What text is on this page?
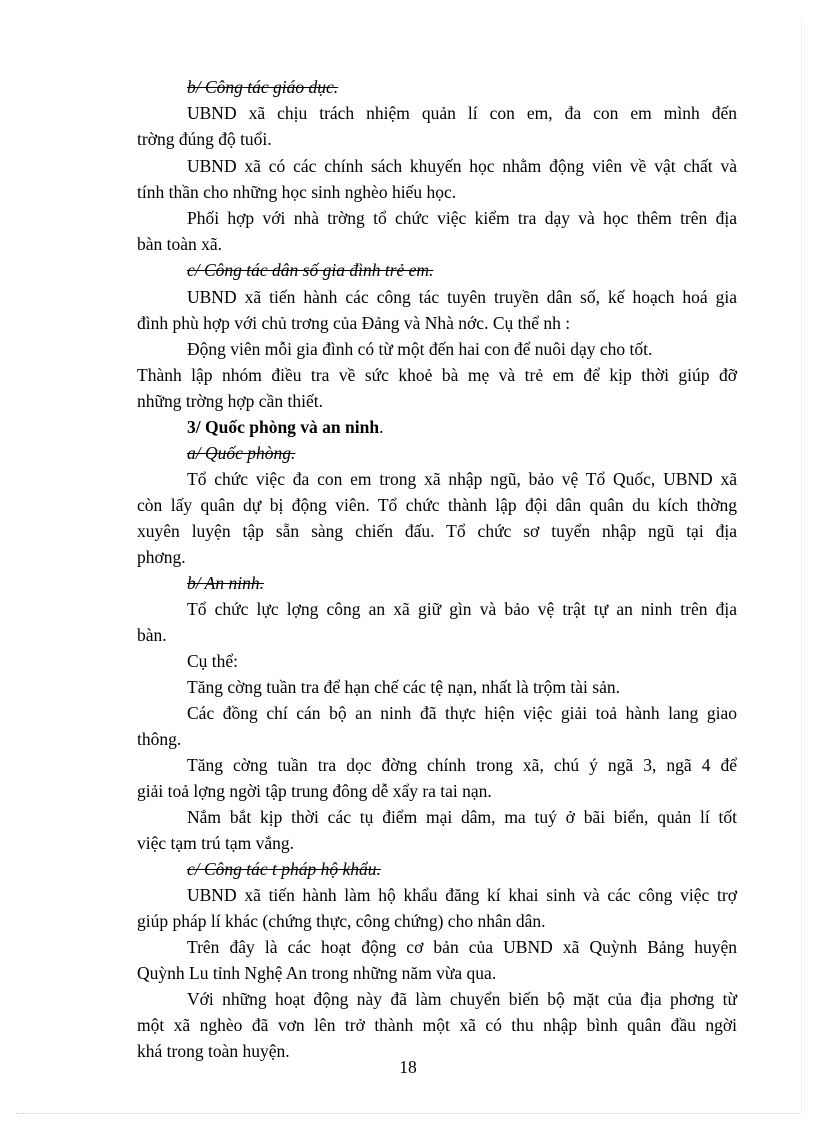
b/ Công tác giáo dục.
UBND xã chịu trách nhiệm quản lí con em, đa con em mình đến
trờng đúng độ tuổi.
UBND xã có các chính sách khuyến học nhằm động viên về vật chất và
tính thần cho những học sinh nghèo hiếu học.
Phối hợp với nhà trờng tổ chức việc kiểm tra dạy và học thêm trên địa
bàn toàn xã.
c/ Công tác dân số gia đình trẻ em.
UBND xã tiến hành các công tác tuyên truyền dân số, kế hoạch hoá gia
đình phù hợp với chủ trơng của Đảng và Nhà nớc. Cụ thể nh :
Động viên mỗi gia đình có từ một đến hai con để nuôi dạy cho tốt.
Thành lập nhóm điều tra về sức khoẻ bà mẹ và trẻ em để kịp thời giúp đỡ
những trờng hợp cần thiết.
3/ Quốc phòng và an ninh.
a/ Quốc phòng.
Tổ chức việc đa con em trong xã nhập ngũ, bảo vệ Tổ Quốc, UBND xã
còn lấy quân dự bị động viên. Tổ chức thành lập đội dân quân du kích thờng
xuyên luyện tập sẵn sàng chiến đấu. Tổ chức sơ tuyển nhập ngũ tại địa
phơng.
b/ An ninh.
Tổ chức lực lợng công an xã giữ gìn và bảo vệ trật tự an ninh trên địa
bàn.
Cụ thể:
Tăng cờng tuần tra để hạn chế các tệ nạn, nhất là trộm tài sản.
Các đồng chí cán bộ an ninh đã thực hiện việc giải toả hành lang giao
thông.
Tăng cờng tuần tra dọc đờng chính trong xã, chú ý ngã 3, ngã 4 để
giải toả lợng ngời tập trung đông dễ xẩy ra tai nạn.
Nắm bắt kịp thời các tụ điểm mại dâm, ma tuý ở bãi biển, quản lí tốt
việc tạm trú tạm vắng.
c/ Công tác t pháp hộ khẩu.
UBND xã tiến hành làm hộ khẩu đăng kí khai sinh và các công việc trợ
giúp pháp lí khác (chứng thực, công chứng) cho nhân dân.
Trên đây là các hoạt động cơ bản của UBND xã Quỳnh Bảng huyện
Quỳnh Lu tỉnh Nghệ An trong những năm vừa qua.
Với những hoạt động này đã làm chuyển biến bộ mặt của địa phơng từ
một xã nghèo đã vơn lên trở thành một xã có thu nhập bình quân đầu ngời
khá trong toàn huyện.
18
